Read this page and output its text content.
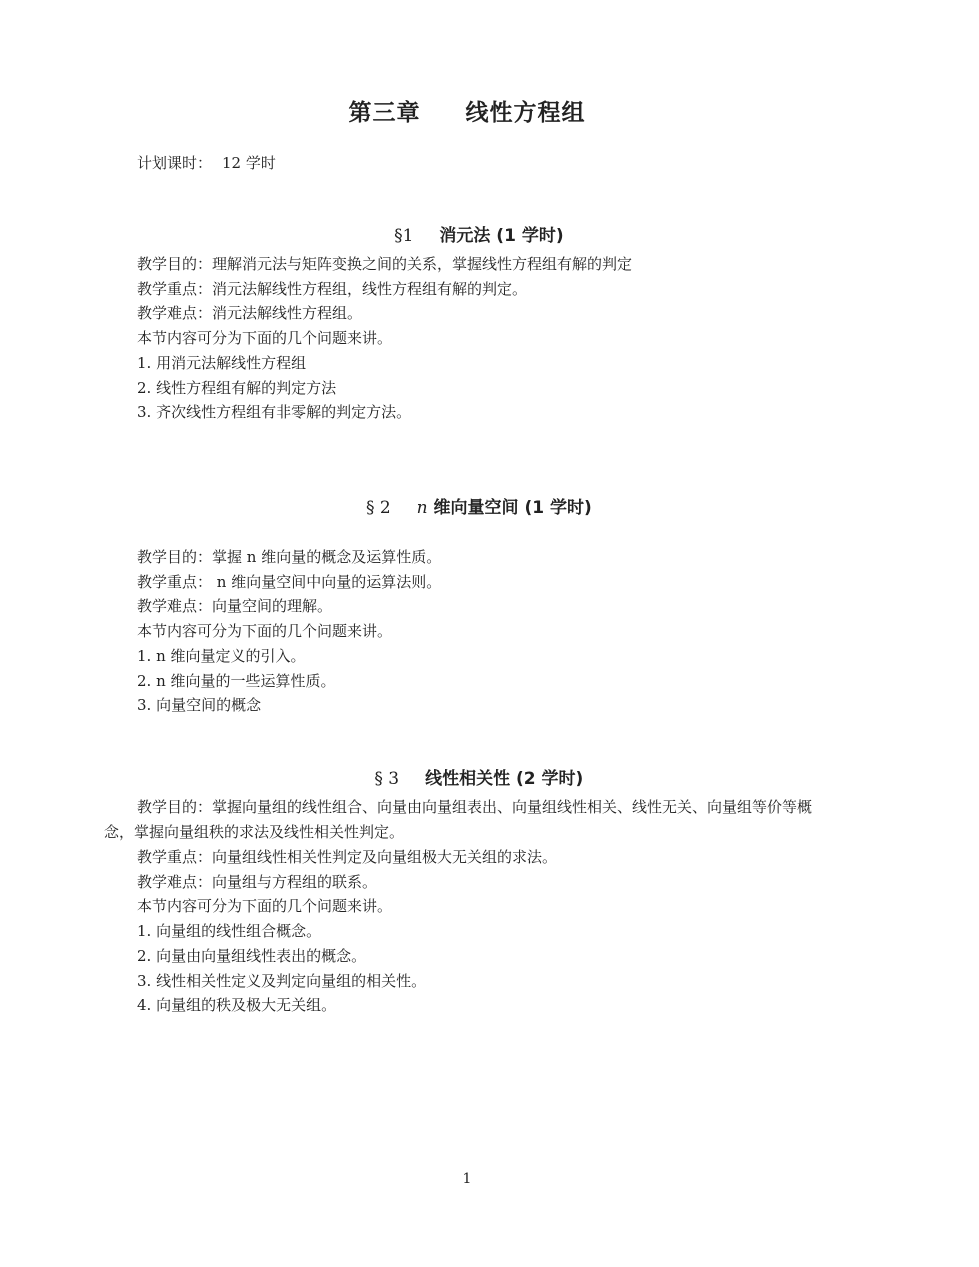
第三章     线性方程组
计划课时： 12 学时

§1 消元法 (1 学时)

教学目的：理解消元法与矩阵变换之间的关系，掌握线性方程组有解的判定
教学重点：消元法解线性方程组，线性方程组有解的判定。
教学难点：消元法解线性方程组。
本节内容可分为下面的几个问题来讲。
1. 用消元法解线性方程组
2. 线性方程组有解的判定方法
3. 齐次线性方程组有非零解的判定方法。

§ 2 n 维向量空间 (1 学时)

教学目的：掌握 n 维向量的概念及运算性质。
教学重点： n 维向量空间中向量的运算法则。
教学难点：向量空间的理解。
本节内容可分为下面的几个问题来讲。
1. n 维向量定义的引入。
2. n 维向量的一些运算性质。
3. 向量空间的概念

§ 3 线性相关性 (2 学时)

教学目的：掌握向量组的线性组合、向量由向量组表出、向量组线性相关、线性无关、向量组等价等概念，掌握向量组秩的求法及线性相关性判定。
教学重点：向量组线性相关性判定及向量组极大无关组的求法。
教学难点：向量组与方程组的联系。
本节内容可分为下面的几个问题来讲。
1. 向量组的线性组合概念。
2. 向量由向量组线性表出的概念。
3. 线性相关性定义及判定向量组的相关性。
4. 向量组的秩及极大无关组。
1
